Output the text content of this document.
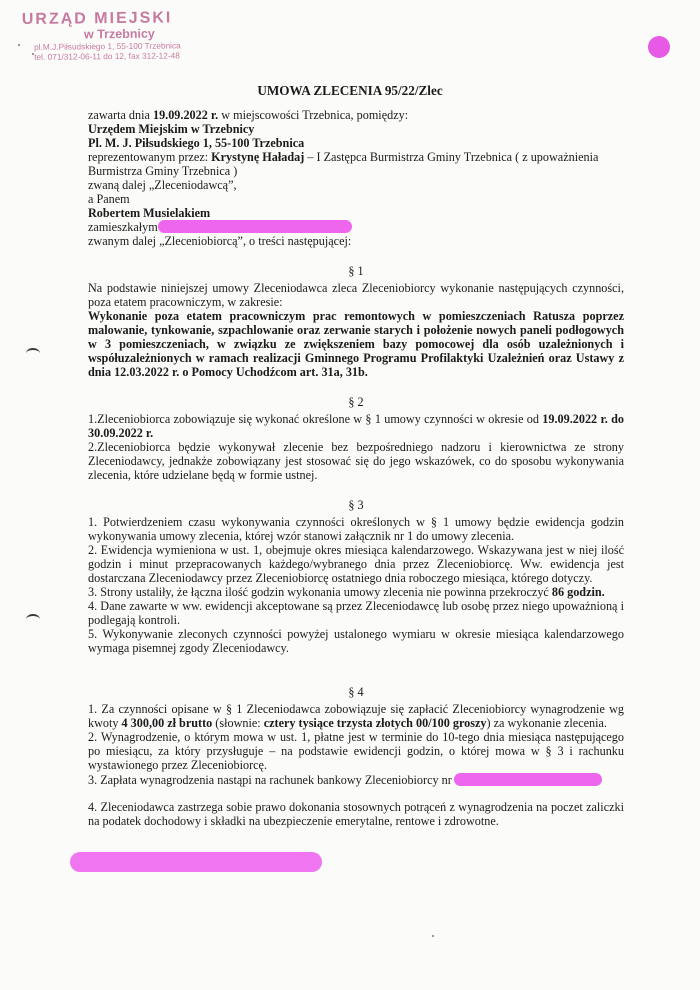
URZĄD MIEJSKI
w Trzebnicy
pl.M.J.Piłsudskiego 1, 55-100 Trzebnica
tel. 071/312-06-11 do 12, fax 312-12-48
UMOWA ZLECENIA 95/22/Zlec

zawarta dnia 19.09.2022 r. w miejscowości Trzebnica, pomiędzy:

Urzędem Miejskim w Trzebnicy

Pl. M. J. Piłsudskiego 1, 55-100 Trzebnica

reprezentowanym przez: Krystynę Haładaj – I Zastępca Burmistrza Gminy Trzebnica ( z upoważnienia Burmistrza Gminy Trzebnica )

zwaną dalej „Zleceniodawcą”,

a Panem

Robertem Musielakiem

zamieszkałym

zwanym dalej „Zleceniobiorcą”, o treści następującej:

§ 1

Na podstawie niniejszej umowy Zleceniodawca zleca Zleceniobiorcy wykonanie następujących czynności, poza etatem pracowniczym, w zakresie:

Wykonanie poza etatem pracowniczym prac remontowych w pomieszczeniach Ratusza poprzez malowanie, tynkowanie, szpachlowanie oraz zerwanie starych i położenie nowych paneli podłogowych w 3 pomieszczeniach, w związku ze zwiększeniem bazy pomocowej dla osób uzależnionych i współuzależnionych w ramach realizacji Gminnego Programu Profilaktyki Uzależnień oraz Ustawy z dnia 12.03.2022 r. o Pomocy Uchodźcom art. 31a, 31b.

§ 2

1.Zleceniobiorca zobowiązuje się wykonać określone w § 1 umowy czynności w okresie od 19.09.2022 r. do 30.09.2022 r.

2.Zleceniobiorca będzie wykonywał zlecenie bez bezpośredniego nadzoru i kierownictwa ze strony Zleceniodawcy, jednakże zobowiązany jest stosować się do jego wskazówek, co do sposobu wykonywania zlecenia, które udzielane będą w formie ustnej.

§ 3

1. Potwierdzeniem czasu wykonywania czynności określonych w § 1 umowy będzie ewidencja godzin wykonywania umowy zlecenia, której wzór stanowi załącznik nr 1 do umowy zlecenia.

2. Ewidencja wymieniona w ust. 1, obejmuje okres miesiąca kalendarzowego. Wskazywana jest w niej ilość godzin i minut przepracowanych każdego/wybranego dnia przez Zleceniobiorcę. Ww. ewidencja jest dostarczana Zleceniodawcy przez Zleceniobiorcę ostatniego dnia roboczego miesiąca, którego dotyczy.

3. Strony ustaliły, że łączna ilość godzin wykonania umowy zlecenia nie powinna przekroczyć 86 godzin.

4. Dane zawarte w ww. ewidencji akceptowane są przez Zleceniodawcę lub osobę przez niego upoważnioną i podlegają kontroli.

5. Wykonywanie zleconych czynności powyżej ustalonego wymiaru w okresie miesiąca kalendarzowego wymaga pisemnej zgody Zleceniodawcy.

§ 4

1. Za czynności opisane w § 1 Zleceniodawca zobowiązuje się zapłacić Zleceniobiorcy wynagrodzenie wg kwoty 4 300,00 zł brutto (słownie: cztery tysiące trzysta złotych 00/100 groszy) za wykonanie zlecenia.

2. Wynagrodzenie, o którym mowa w ust. 1, płatne jest w terminie do 10-tego dnia miesiąca następującego po miesiącu, za który przysługuje – na podstawie ewidencji godzin, o której mowa w § 3 i rachunku wystawionego przez Zleceniobiorcę.

3. Zapłata wynagrodzenia nastąpi na rachunek bankowy Zleceniobiorcy nr

4. Zleceniodawca zastrzega sobie prawo dokonania stosownych potrąceń z wynagrodzenia na poczet zaliczki na podatek dochodowy i składki na ubezpieczenie emerytalne, rentowe i zdrowotne.
